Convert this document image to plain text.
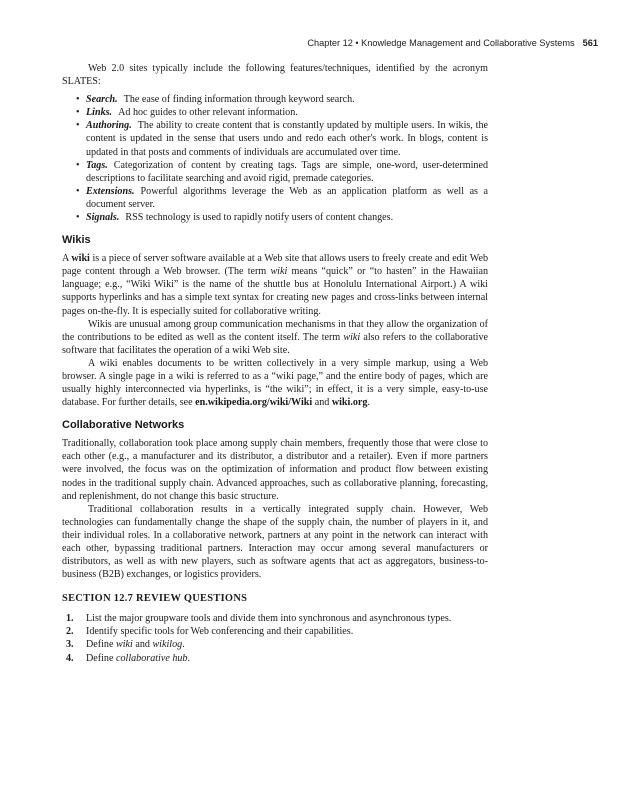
Chapter 12 • Knowledge Management and Collaborative Systems 561

Web 2.0 sites typically include the following features/techniques, identified by the acronym SLATES:

• Search. The ease of finding information through keyword search.
• Links. Ad hoc guides to other relevant information.
• Authoring. The ability to create content that is constantly updated by multiple users. In wikis, the content is updated in the sense that users undo and redo each other's work. In blogs, content is updated in that posts and comments of individuals are accumulated over time.
• Tags. Categorization of content by creating tags. Tags are simple, one-word, user-determined descriptions to facilitate searching and avoid rigid, premade categories.
• Extensions. Powerful algorithms leverage the Web as an application platform as well as a document server.
• Signals. RSS technology is used to rapidly notify users of content changes.
Wikis

A wiki is a piece of server software available at a Web site that allows users to freely create and edit Web page content through a Web browser. (The term wiki means “quick” or “to hasten” in the Hawaiian language; e.g., “Wiki Wiki” is the name of the shuttle bus at Honolulu International Airport.) A wiki supports hyperlinks and has a simple text syntax for creating new pages and cross-links between internal pages on-the-fly. It is especially suited for collaborative writing.

Wikis are unusual among group communication mechanisms in that they allow the organization of the contributions to be edited as well as the content itself. The term wiki also refers to the collaborative software that facilitates the operation of a wiki Web site.

A wiki enables documents to be written collectively in a very simple markup, using a Web browser. A single page in a wiki is referred to as a “wiki page,” and the entire body of pages, which are usually highly interconnected via hyperlinks, is “the wiki”; in effect, it is a very simple, easy-to-use database. For further details, see en.wikipedia.org/wiki/Wiki and wiki.org.

Collaborative Networks

Traditionally, collaboration took place among supply chain members, frequently those that were close to each other (e.g., a manufacturer and its distributor, a distributor and a retailer). Even if more partners were involved, the focus was on the optimization of information and product flow between existing nodes in the traditional supply chain. Advanced approaches, such as collaborative planning, forecasting, and replenishment, do not change this basic structure.

Traditional collaboration results in a vertically integrated supply chain. However, Web technologies can fundamentally change the shape of the supply chain, the number of players in it, and their individual roles. In a collaborative network, partners at any point in the network can interact with each other, bypassing traditional partners. Interaction may occur among several manufacturers or distributors, as well as with new players, such as software agents that act as aggregators, business-to-business (B2B) exchanges, or logistics providers.

SECTION 12.7 REVIEW QUESTIONS
1. List the major groupware tools and divide them into synchronous and asynchronous types.
2. Identify specific tools for Web conferencing and their capabilities.
3. Define wiki and wikilog.
4. Define collaborative hub.
